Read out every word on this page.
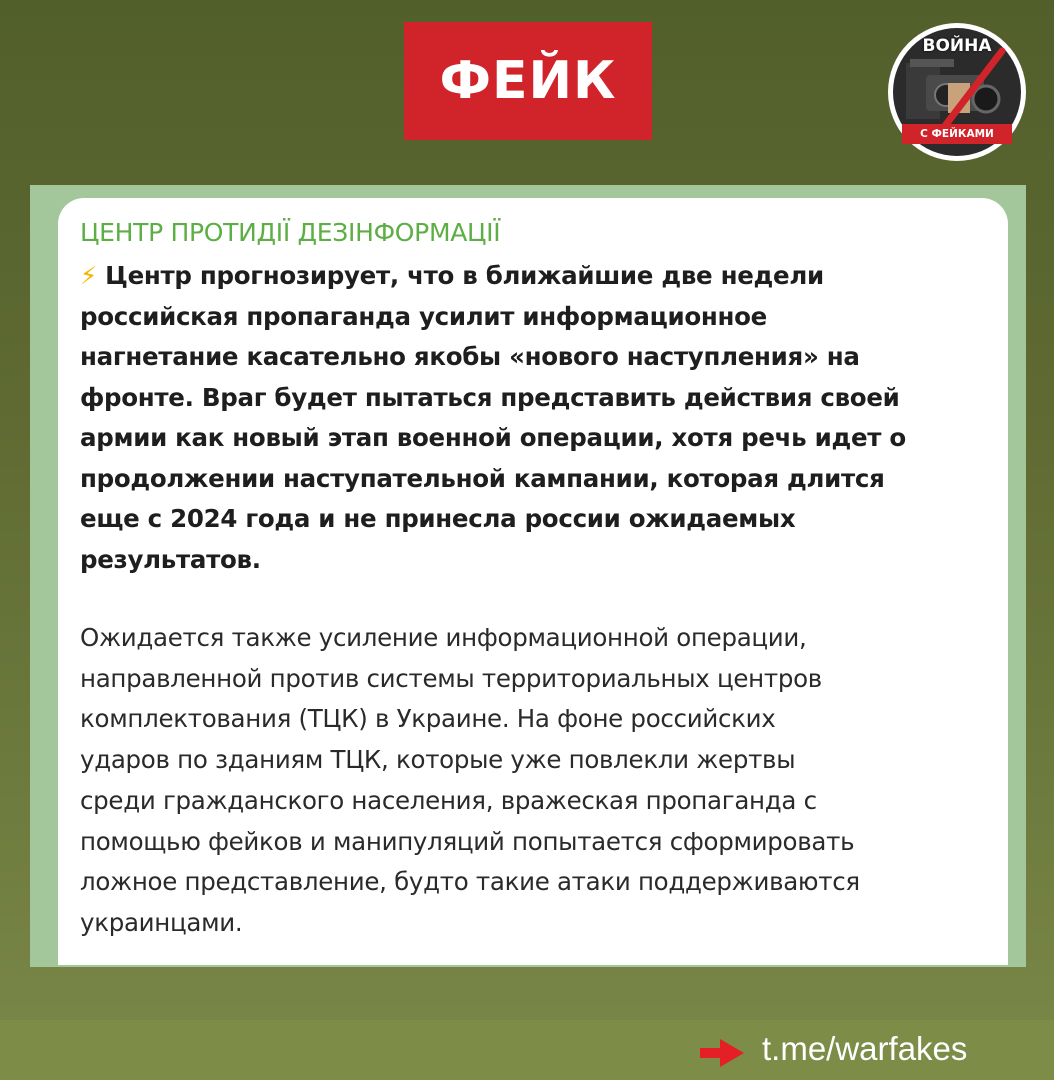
ФЕЙК
ВОЙНА
С ФЕЙКАМИ
ЦЕНТР ПРОТИДІЇ ДЕЗІНФОРМАЦІЇ

⚡ Центр прогнозирует, что в ближайшие две недели
российская пропаганда усилит информационное
нагнетание касательно якобы «нового наступления» на
фронте. Враг будет пытаться представить действия своей
армии как новый этап военной операции, хотя речь идет о
продолжении наступательной кампании, которая длится
еще с 2024 года и не принесла россии ожидаемых
результатов.

Ожидается также усиление информационной операции,
направленной против системы территориальных центров
комплектования (ТЦК) в Украине. На фоне российских
ударов по зданиям ТЦК, которые уже повлекли жертвы
среди гражданского населения, вражеская пропаганда с
помощью фейков и манипуляций попытается сформировать
ложное представление, будто такие атаки поддерживаются
украинцами.

t.me/warfakes
